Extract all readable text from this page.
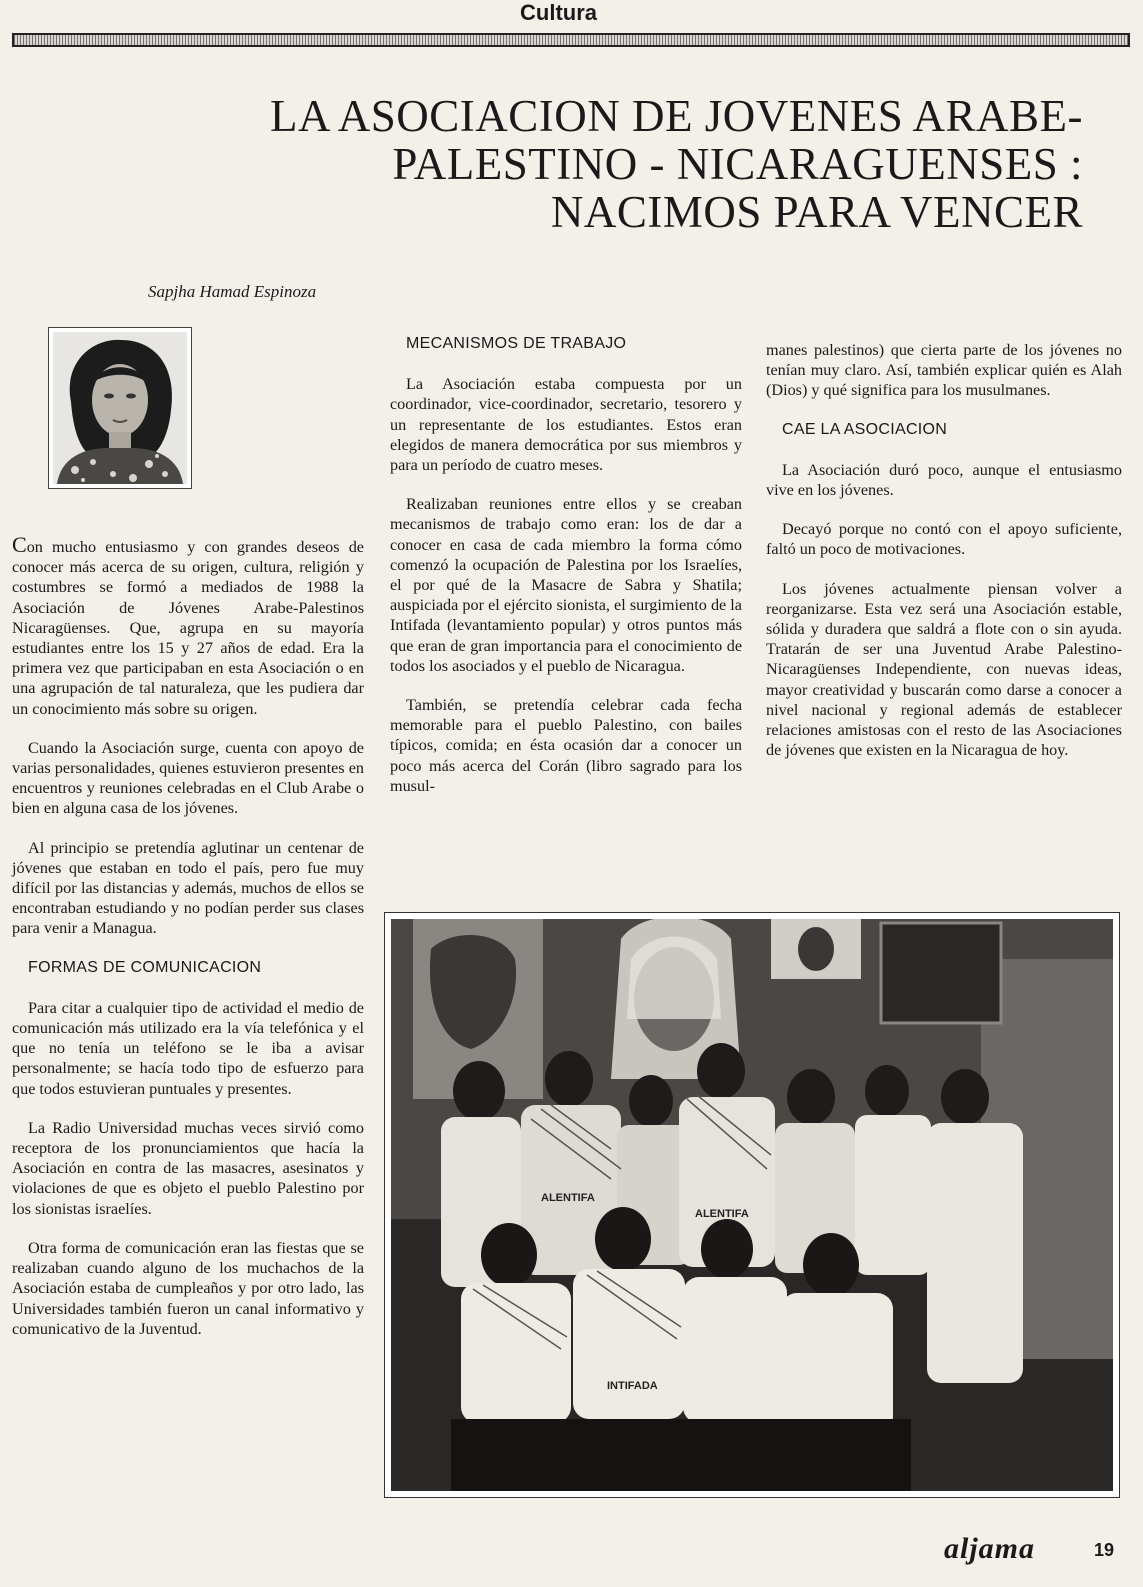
Cultura
LA ASOCIACION DE JOVENES ARABE-
PALESTINO - NICARAGUENSES :
NACIMOS PARA VENCER
Sapjha Hamad Espinoza

Con mucho entusiasmo y con grandes deseos de conocer más acerca de su origen, cultura, religión y costumbres se formó a mediados de 1988 la Asociación de Jóvenes Arabe-Palestinos Nicaragüenses. Que, agrupa en su mayoría estudiantes entre los 15 y 27 años de edad. Era la primera vez que participaban en esta Asociación o en una agrupación de tal naturaleza, que les pudiera dar un conocimiento más sobre su origen.

Cuando la Asociación surge, cuenta con apoyo de varias personalidades, quienes estuvieron presentes en encuentros y reuniones celebradas en el Club Arabe o bien en alguna casa de los jóvenes.

Al principio se pretendía aglutinar un centenar de jóvenes que estaban en todo el país, pero fue muy difícil por las distancias y además, muchos de ellos se encontraban estudiando y no podían perder sus clases para venir a Managua.

FORMAS DE COMUNICACION

Para citar a cualquier tipo de actividad el medio de comunicación más utilizado era la vía telefónica y el que no tenía un teléfono se le iba a avisar personalmente; se hacía todo tipo de esfuerzo para que todos estuvieran puntuales y presentes.

La Radio Universidad muchas veces sirvió como receptora de los pronunciamientos que hacía la Asociación en contra de las masacres, asesinatos y violaciones de que es objeto el pueblo Palestino por los sionistas israelíes.

Otra forma de comunicación eran las fiestas que se realizaban cuando alguno de los muchachos de la Asociación estaba de cumpleaños y por otro lado, las Universidades también fueron un canal informativo y comunicativo de la Juventud.

MECANISMOS DE TRABAJO

La Asociación estaba compuesta por un coordinador, vice-coordinador, secretario, tesorero y un representante de los estudiantes. Estos eran elegidos de manera democrática por sus miembros y para un período de cuatro meses.

Realizaban reuniones entre ellos y se creaban mecanismos de trabajo como eran: los de dar a conocer en casa de cada miembro la forma cómo comenzó la ocupación de Palestina por los Israelíes, el por qué de la Masacre de Sabra y Shatila; auspiciada por el ejército sionista, el surgimiento de la Intifada (levantamiento popular) y otros puntos más que eran de gran importancia para el conocimiento de todos los asociados y el pueblo de Nicaragua.

También, se pretendía celebrar cada fecha memorable para el pueblo Palestino, con bailes típicos, comida; en ésta ocasión dar a conocer un poco más acerca del Corán (libro sagrado para los musul-

manes palestinos) que cierta parte de los jóvenes no tenían muy claro. Así, también explicar quién es Alah (Dios) y qué significa para los musulmanes.

CAE LA ASOCIACION

La Asociación duró poco, aunque el entusiasmo vive en los jóvenes.

Decayó porque no contó con el apoyo suficiente, faltó un poco de motivaciones.

Los jóvenes actualmente piensan volver a reorganizarse. Esta vez será una Asociación estable, sólida y duradera que saldrá a flote con o sin ayuda. Tratarán de ser una Juventud Arabe Palestino-Nicaragüenses Independiente, con nuevas ideas, mayor creatividad y buscarán como darse a conocer a nivel nacional y regional además de establecer relaciones amistosas con el resto de las Asociaciones de jóvenes que existen en la Nicaragua de hoy.

ALENTIFA
ALENTIFA
INTIFADA
aljama	19
